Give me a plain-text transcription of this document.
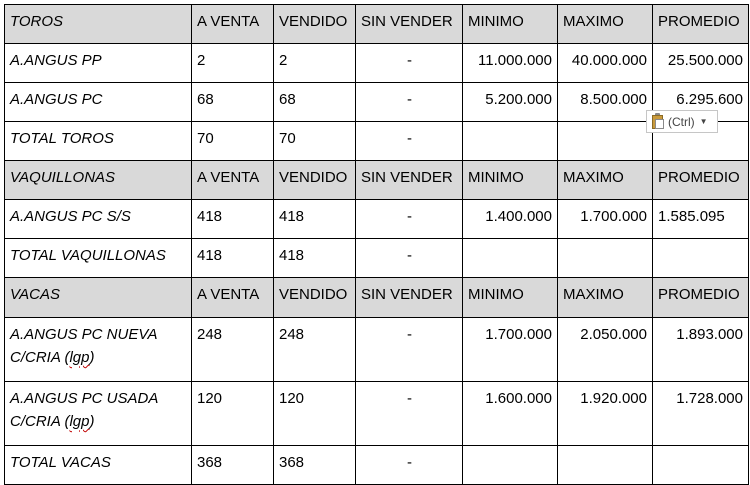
TOROS	A VENTA	VENDIDO	SIN VENDER	MINIMO	MAXIMO	PROMEDIO
A.ANGUS PP	2	2	-	11.000.000	40.000.000	25.500.000
A.ANGUS PC	68	68	-	5.200.000	8.500.000	6.295.600
TOTAL TOROS	70	70	-			
VAQUILLONAS	A VENTA	VENDIDO	SIN VENDER	MINIMO	MAXIMO	PROMEDIO
A.ANGUS PC S/S	418	418	-	1.400.000	1.700.000	1.585.095
TOTAL VAQUILLONAS	418	418	-			
VACAS	A VENTA	VENDIDO	SIN VENDER	MINIMO	MAXIMO	PROMEDIO
A.ANGUS PC NUEVA C/CRIA (lgp)	248	248	-	1.700.000	2.050.000	1.893.000
A.ANGUS PC USADA C/CRIA (lgp)	120	120	-	1.600.000	1.920.000	1.728.000
TOTAL VACAS	368	368	-			
(Ctrl) ▼
